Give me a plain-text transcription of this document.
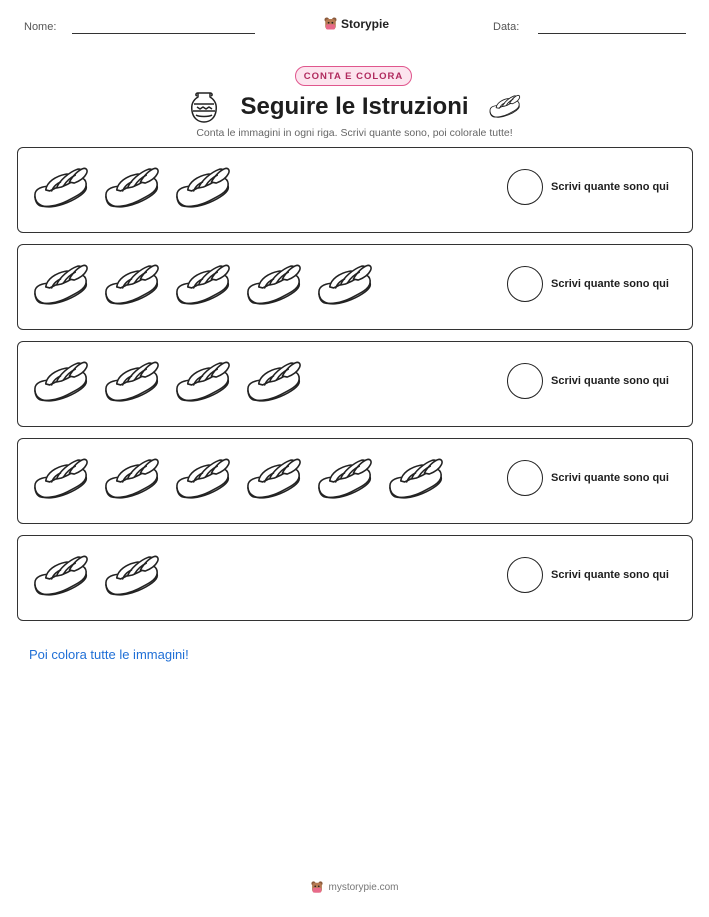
Nome:	Storypie	Data:
CONTA E COLORA
Seguire le Istruzioni
Conta le immagini in ogni riga. Scrivi quante sono, poi colorale tutte!
Scrivi quante sono qui
Scrivi quante sono qui
Scrivi quante sono qui
Scrivi quante sono qui
Scrivi quante sono qui
Poi colora tutte le immagini!
mystorypie.com
